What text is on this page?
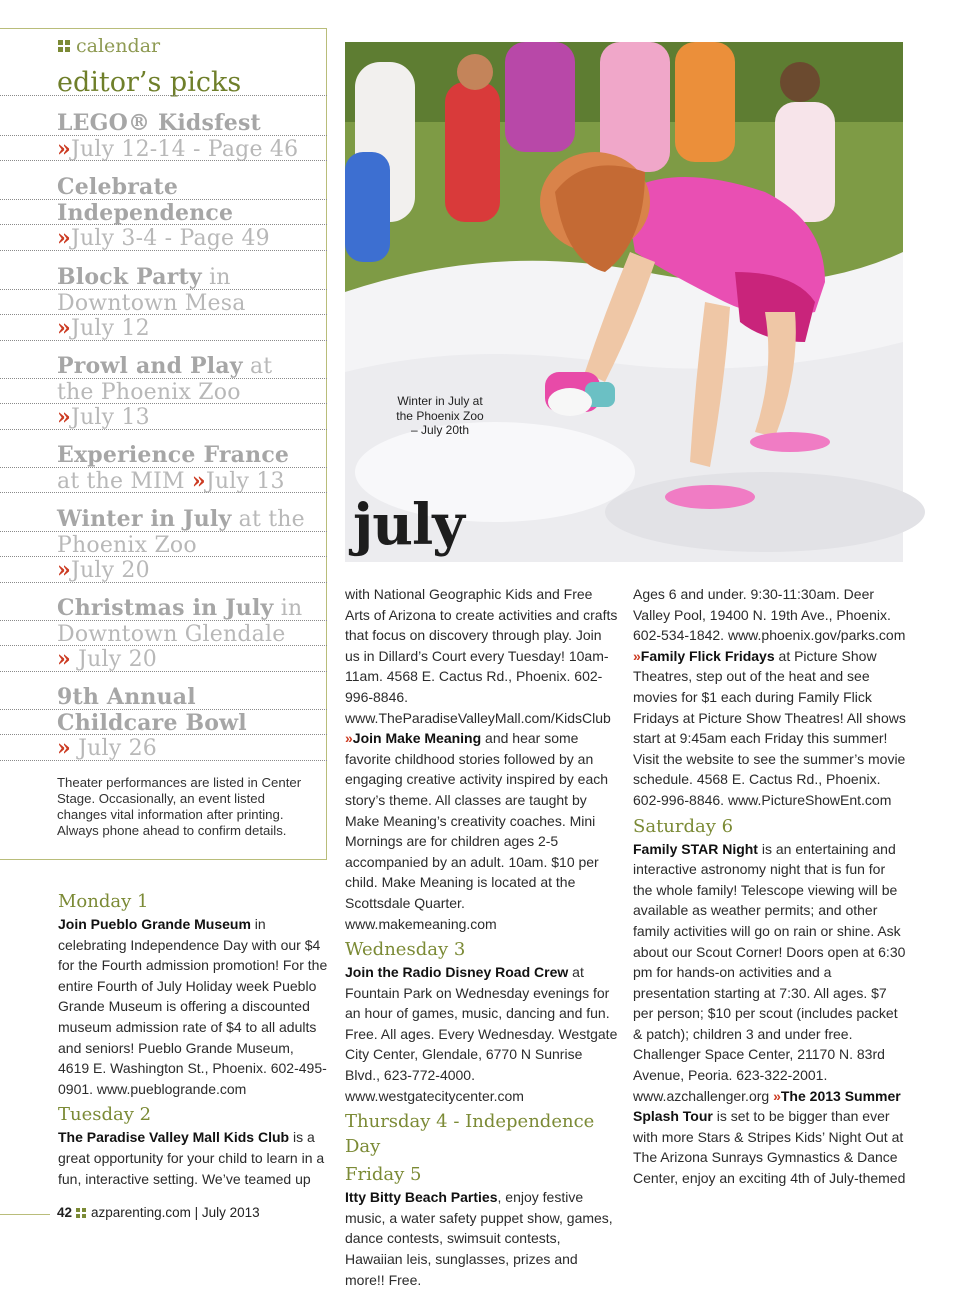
calendar
editor’s picks
LEGO® Kidsfest
»July 12-14 - Page 46
Celebrate
Independence
»July 3-4 - Page 49
Block Party in
Downtown Mesa
»July 12
Prowl and Play at
the Phoenix Zoo
»July 13
Experience France
at the MIM »July 13
Winter in July at the
Phoenix Zoo
»July 20
Christmas in July in
Downtown Glendale
» July 20
9th Annual
Childcare Bowl
» July 26
Theater performances are listed in Center Stage. Occasionally, an event listed changes vital information after printing. Always phone ahead to confirm details.
Winter in July at the Phoenix Zoo – July 20th
july
Monday 1

Join Pueblo Grande Museum in celebrating Independence Day with our $4 for the Fourth admission promotion! For the entire Fourth of July Holiday week Pueblo Grande Museum is offering a discounted museum admission rate of $4 to all adults and seniors! Pueblo Grande Museum, 4619 E. Washington St., Phoenix. 602-495-0901. www.pueblogrande.com

Tuesday 2

The Paradise Valley Mall Kids Club is a great opportunity for your child to learn in a fun, interactive setting. We’ve teamed up

with National Geographic Kids and Free Arts of Arizona to create activities and crafts that focus on discovery through play. Join us in Dillard’s Court every Tuesday! 10am-11am. 4568 E. Cactus Rd., Phoenix. 602-996-8846. www.TheParadiseValleyMall.com/KidsClub »Join Make Meaning and hear some favorite childhood stories followed by an engaging creative activity inspired by each story’s theme. All classes are taught by Make Meaning’s creativity coaches. Mini Mornings are for children ages 2-5 accompanied by an adult. 10am. $10 per child. Make Meaning is located at the Scottsdale Quarter. www.makemeaning.com

Wednesday 3

Join the Radio Disney Road Crew at Fountain Park on Wednesday evenings for an hour of games, music, dancing and fun. Free. All ages. Every Wednesday. Westgate City Center, Glendale, 6770 N Sunrise Blvd., 623-772-4000. www.westgatecitycenter.com

Thursday 4 - Independence Day
Friday 5

Itty Bitty Beach Parties, enjoy festive music, a water safety puppet show, games, dance contests, swimsuit contests, Hawaiian leis, sunglasses, prizes and more!! Free.

Ages 6 and under. 9:30-11:30am. Deer Valley Pool, 19400 N. 19th Ave., Phoenix. 602-534-1842. www.phoenix.gov/parks.com »Family Flick Fridays at Picture Show Theatres, step out of the heat and see movies for $1 each during Family Flick Fridays at Picture Show Theatres! All shows start at 9:45am each Friday this summer! Visit the website to see the summer’s movie schedule. 4568 E. Cactus Rd., Phoenix. 602-996-8846. www.PictureShowEnt.com

Saturday 6

Family STAR Night is an entertaining and interactive astronomy night that is fun for the whole family! Telescope viewing will be available as weather permits; and other family activities will go on rain or shine. Ask about our Scout Corner! Doors open at 6:30 pm for hands-on activities and a presentation starting at 7:30. All ages. $7 per person; $10 per scout (includes packet & patch); children 3 and under free. Challenger Space Center, 21170 N. 83rd Avenue, Peoria. 623-322-2001. www.azchallenger.org »The 2013 Summer Splash Tour is set to be bigger than ever with more Stars & Stripes Kids’ Night Out at The Arizona Sunrays Gymnastics & Dance Center, enjoy an exciting 4th of July-themed

42 azparenting.com | July 2013
